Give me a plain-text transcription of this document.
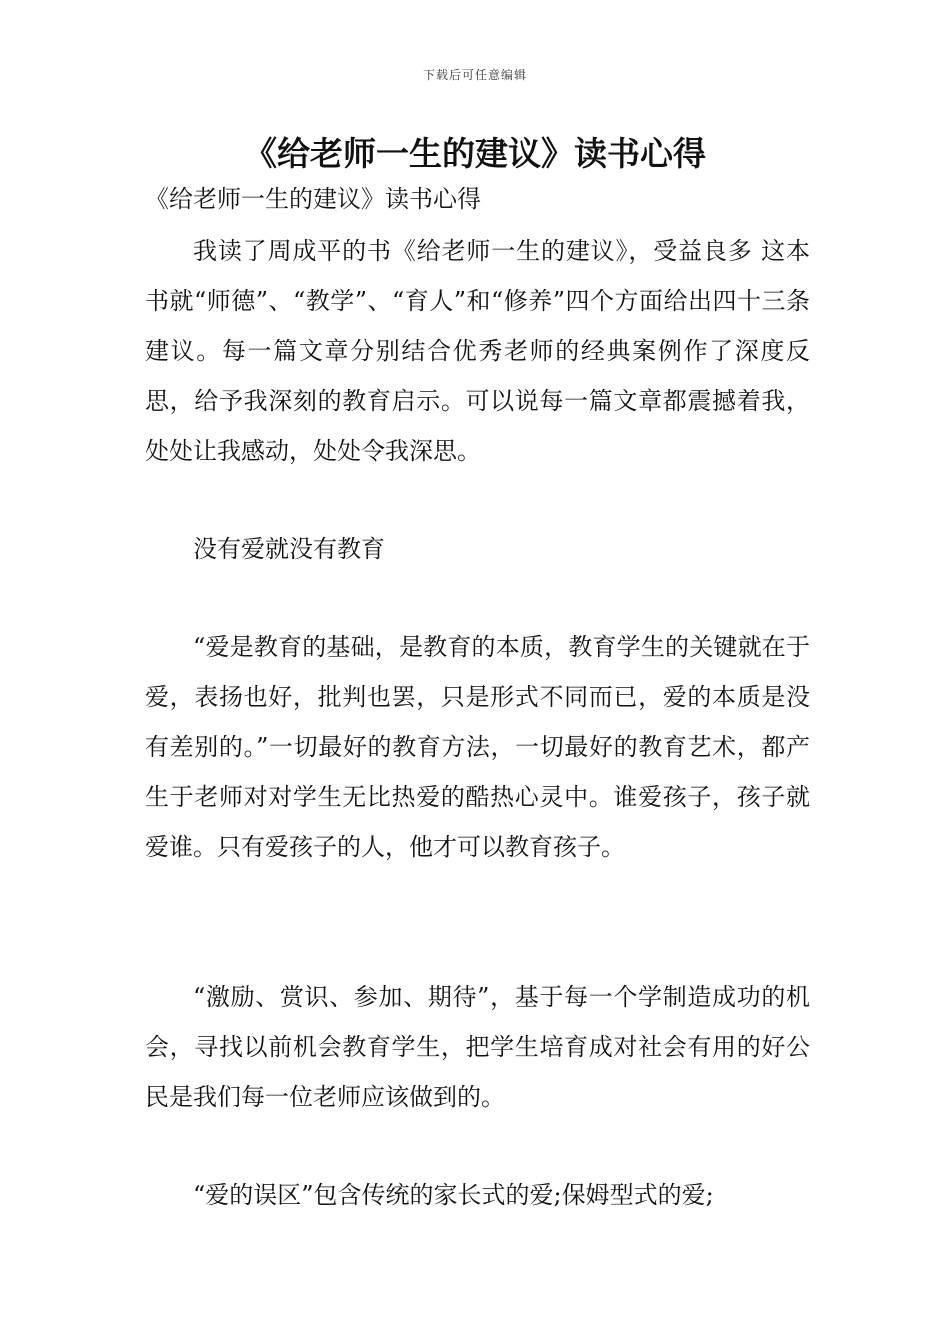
下载后可任意编辑
《给老师一生的建议》读书心得

《给老师一生的建议》读书心得

我读了周成平的书《给老师一生的建议》，受益良多 这本书就“师德”、“教学”、“育人”和“修养”四个方面给出四十三条建议。每一篇文章分别结合优秀老师的经典案例作了深度反思，给予我深刻的教育启示。可以说每一篇文章都震撼着我，处处让我感动，处处令我深思。

没有爱就没有教育

“爱是教育的基础，是教育的本质，教育学生的关键就在于爱，表扬也好，批判也罢，只是形式不同而已，爱的本质是没有差别的。”一切最好的教育方法，一切最好的教育艺术，都产生于老师对对学生无比热爱的酷热心灵中。谁爱孩子，孩子就爱谁。只有爱孩子的人，他才可以教育孩子。

“激励、赏识、参加、期待”，基于每一个学制造成功的机会，寻找以前机会教育学生，把学生培育成对社会有用的好公民是我们每一位老师应该做到的。

“爱的误区”包含传统的家长式的爱;保姆型式的爱;
